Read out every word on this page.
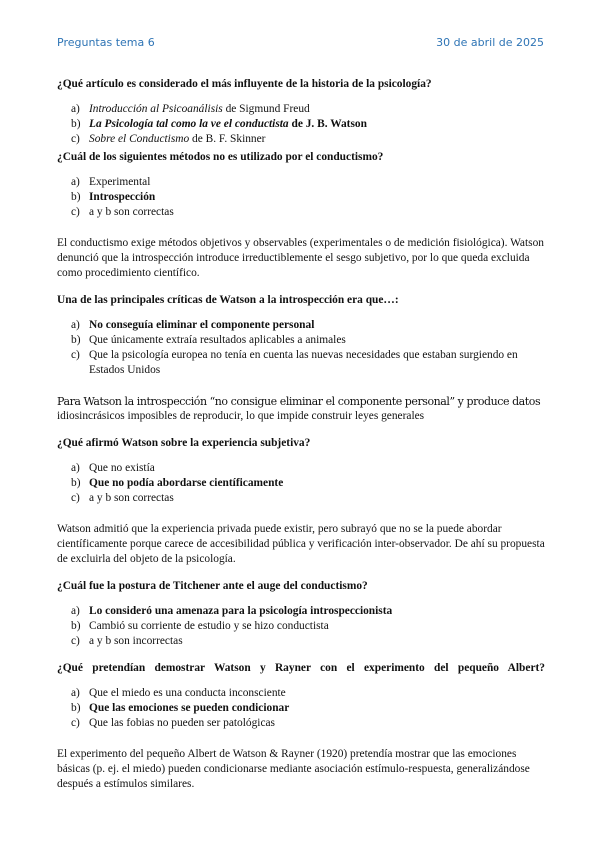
Preguntas tema 6	30 de abril de 2025

¿Qué artículo es considerado el más influyente de la historia de la psicología?

a) Introducción al Psicoanálisis de Sigmund Freud
b) La Psicología tal como la ve el conductista de J. B. Watson
c) Sobre el Conductismo de B. F. Skinner

¿Cuál de los siguientes métodos no es utilizado por el conductismo?

a) Experimental
b) Introspección
c) a y b son correctas

El conductismo exige métodos objetivos y observables (experimentales o de medición fisiológica). Watson denunció que la introspección introduce irreductiblemente el sesgo subjetivo, por lo que queda excluida como procedimiento científico.

Una de las principales críticas de Watson a la introspección era que…:

a) No conseguía eliminar el componente personal
b) Que únicamente extraía resultados aplicables a animales
c) Que la psicología europea no tenía en cuenta las nuevas necesidades que estaban surgiendo en Estados Unidos

Para Watson la introspección “no consigue eliminar el componente personal” y produce datos

idiosincrásicos imposibles de reproducir, lo que impide construir leyes generales

¿Qué afirmó Watson sobre la experiencia subjetiva?

a) Que no existía
b) Que no podía abordarse científicamente
c) a y b son correctas

Watson admitió que la experiencia privada puede existir, pero subrayó que no se la puede abordar científicamente porque carece de accesibilidad pública y verificación inter-observador. De ahí su propuesta de excluirla del objeto de la psicología.

¿Cuál fue la postura de Titchener ante el auge del conductismo?

a) Lo consideró una amenaza para la psicología introspeccionista
b) Cambió su corriente de estudio y se hizo conductista
c) a y b son incorrectas

¿Qué pretendían demostrar Watson y Rayner con el experimento del pequeño Albert?

a) Que el miedo es una conducta inconsciente
b) Que las emociones se pueden condicionar
c) Que las fobias no pueden ser patológicas

El experimento del pequeño Albert de Watson & Rayner (1920) pretendía mostrar que las emociones básicas (p. ej. el miedo) pueden condicionarse mediante asociación estímulo-respuesta, generalizándose después a estímulos similares.
